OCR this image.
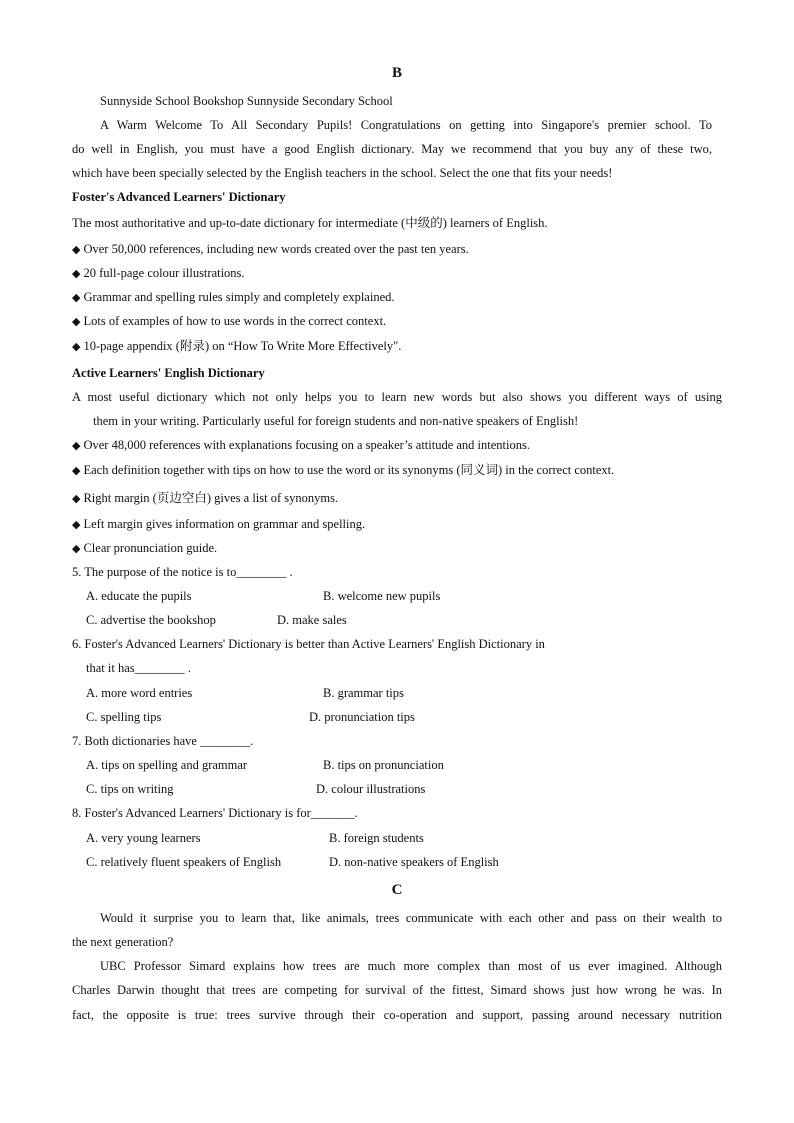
B
Sunnyside School Bookshop Sunnyside Secondary School
A Warm Welcome To All Secondary Pupils! Congratulations on getting into Singapore's premier school. To
do well in English, you must have a good English dictionary. May we recommend that you buy any of these two,
which have been specially selected by the English teachers in the school. Select the one that fits your needs!
Foster's Advanced Learners' Dictionary
The most authoritative and up-to-date dictionary for intermediate (中级的) learners of English.
◆ Over 50,000 references, including new words created over the past ten years.
◆ 20 full-page colour illustrations.
◆ Grammar and spelling rules simply and completely explained.
◆ Lots of examples of how to use words in the correct context.
◆ 10-page appendix (附录) on “How To Write More Effectively".
Active Learners' English Dictionary
A most useful dictionary which not only helps you to learn new words but also shows you different ways of using
them in your writing. Particularly useful for foreign students and non-native speakers of English!
◆ Over 48,000 references with explanations focusing on a speaker’s attitude and intentions.
◆ Each definition together with tips on how to use the word or its synonyms (同义词) in the correct context.
◆ Right margin (页边空白) gives a list of synonyms.
◆ Left margin gives information on grammar and spelling.
◆ Clear pronunciation guide.
5. The purpose of the notice is to________ .
A. educate the pupils	B. welcome new pupils
C. advertise the bookshop	D. make sales
6. Foster's Advanced Learners' Dictionary is better than Active Learners' English Dictionary in
that it has________ .
A. more word entries	B. grammar tips
C. spelling tips	D. pronunciation tips
7. Both dictionaries have ________.
A. tips on spelling and grammar	B. tips on pronunciation
C. tips on writing	D. colour illustrations
8. Foster's Advanced Learners' Dictionary is for_______.
A. very young learners	B. foreign students
C. relatively fluent speakers of English	D. non-native speakers of English
C
Would it surprise you to learn that, like animals, trees communicate with each other and pass on their wealth to
the next generation?
UBC Professor Simard explains how trees are much more complex than most of us ever imagined. Although
Charles Darwin thought that trees are competing for survival of the fittest, Simard shows just how wrong he was. In
fact, the opposite is true: trees survive through their co-operation and support, passing around necessary nutrition
